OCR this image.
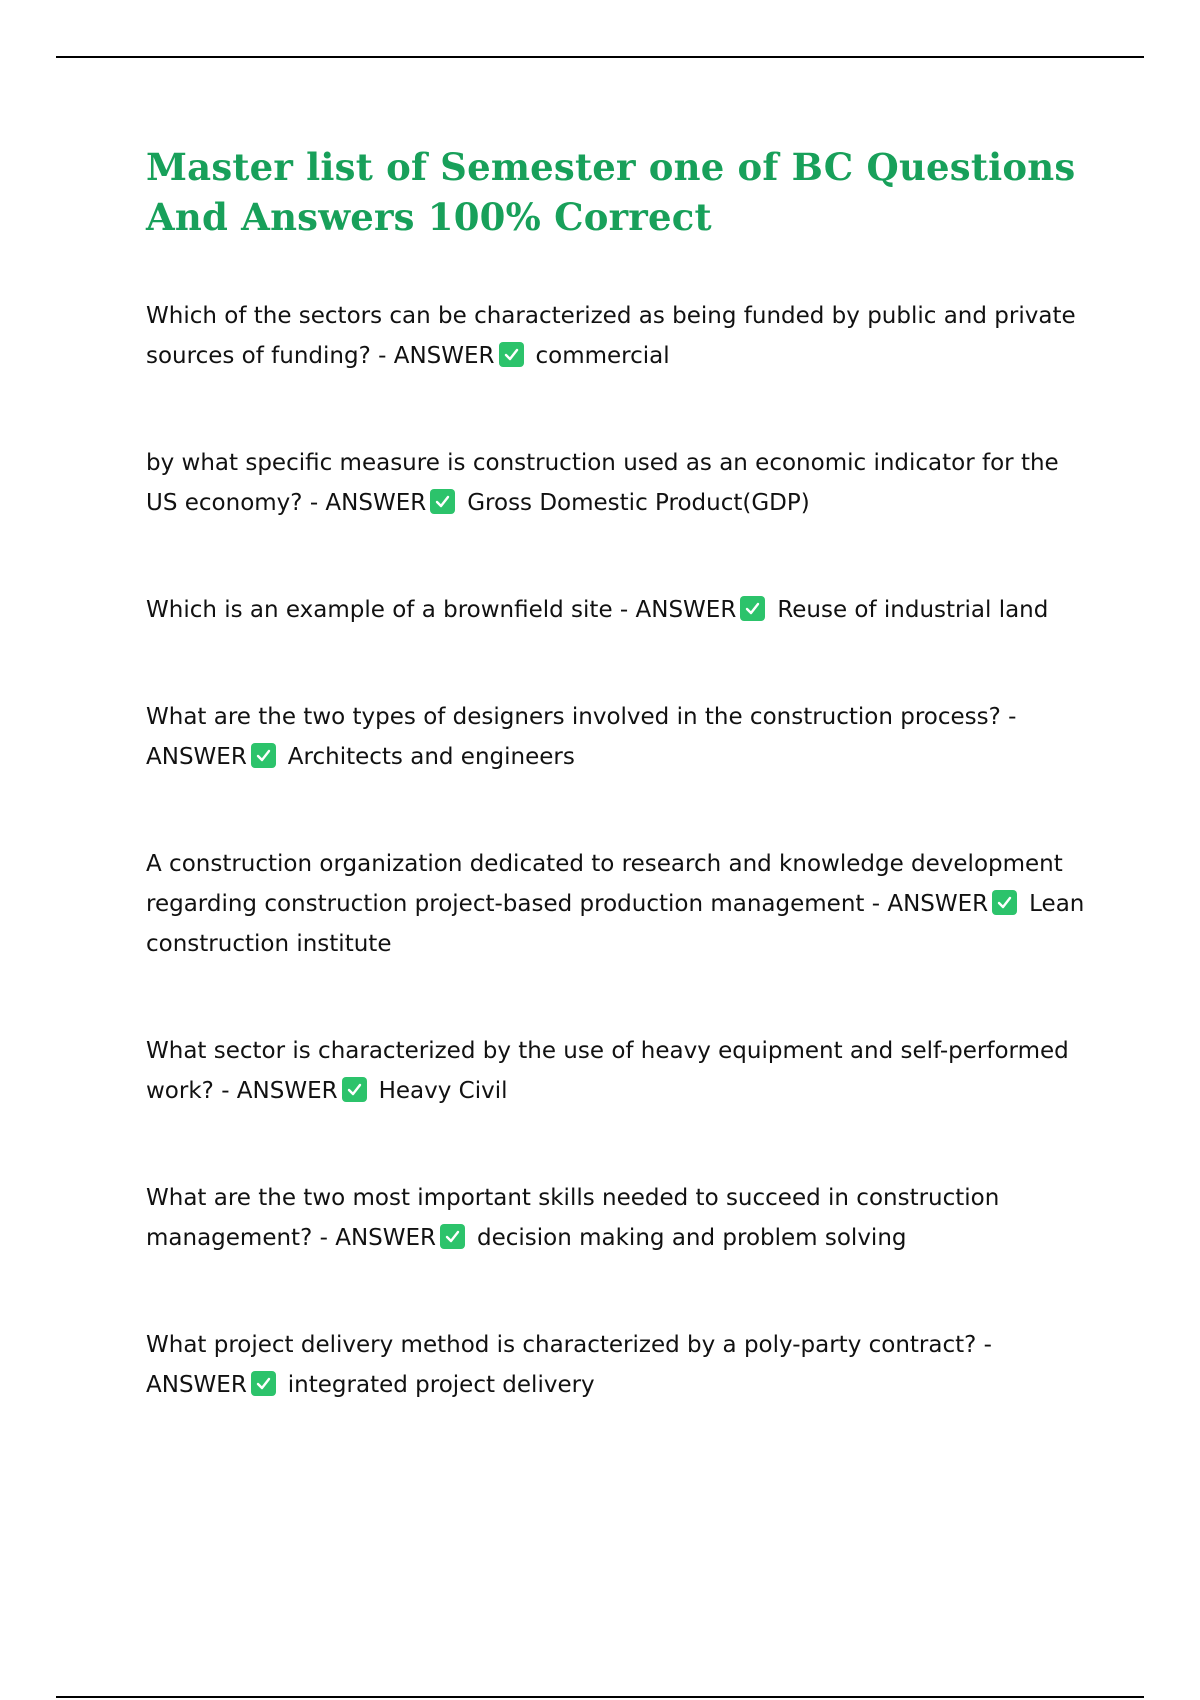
Master list of Semester one of BC Questions And Answers 100% Correct

Which of the sectors can be characterized as being funded by public and private sources of funding? - ANSWER commercial

by what specific measure is construction used as an economic indicator for the US economy? - ANSWER Gross Domestic Product(GDP)

Which is an example of a brownfield site - ANSWER Reuse of industrial land

What are the two types of designers involved in the construction process? - ANSWER Architects and engineers

A construction organization dedicated to research and knowledge development regarding construction project-based production management - ANSWER Lean construction institute

What sector is characterized by the use of heavy equipment and self-performed work? - ANSWER Heavy Civil

What are the two most important skills needed to succeed in construction management? - ANSWER decision making and problem solving

What project delivery method is characterized by a poly-party contract? - ANSWER integrated project delivery
